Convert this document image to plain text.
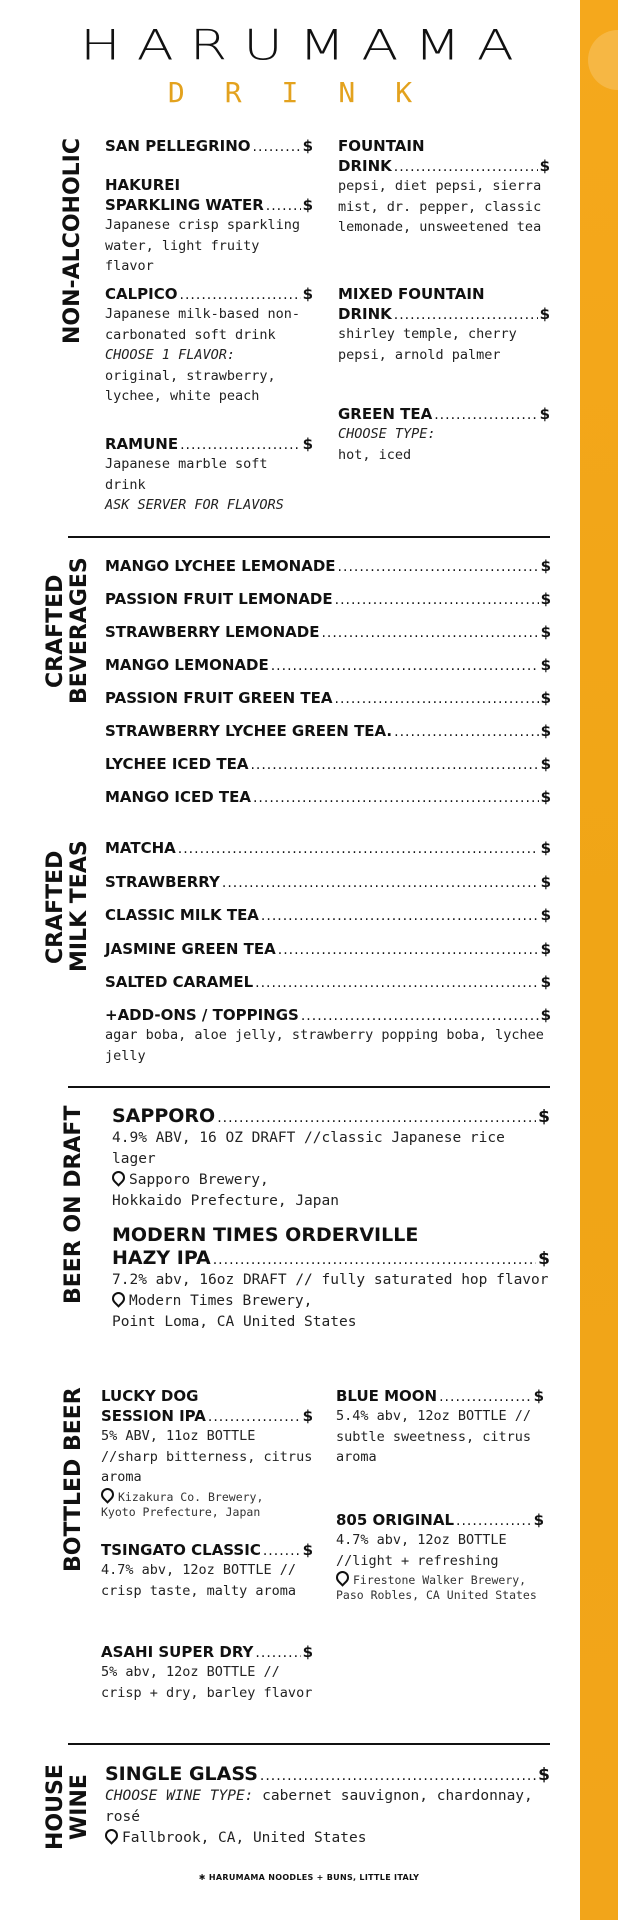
HARUMAMA
DRINK
NON-ALCOHOLIC SAN PELLEGRINO .....	$
HAKUREI
SPARKLING WATER .....	$
Japanese crisp sparkling water, light fruity flavor
CALPICO .....	$
Japanese milk-based non-carbonated soft drink CHOOSE 1 FLAVOR: original, strawberry, lychee, white peach
RAMUNE .....	$
Japanese marble soft drink
ASK SERVER FOR FLAVORS
FOUNTAIN
DRINK .....	$
pepsi, diet pepsi, sierra mist, dr. pepper, classic lemonade, unsweetened tea
MIXED FOUNTAIN
DRINK .....	$
shirley temple, cherry pepsi, arnold palmer
GREEN TEA .....	$
CHOOSE TYPE:
hot, iced
CRAFTED
BEVERAGES MANGO LYCHEE LEMONADE .....	$
PASSION FRUIT LEMONADE .....	$
STRAWBERRY LEMONADE .....	$
MANGO LEMONADE .....	$
PASSION FRUIT GREEN TEA .....	$
STRAWBERRY LYCHEE GREEN TEA. .....	$
LYCHEE ICED TEA .....	$
MANGO ICED TEA .....	$
CRAFTED
MILK TEAS MATCHA .....	$
STRAWBERRY .....	$
CLASSIC MILK TEA .....	$
JASMINE GREEN TEA .....	$
SALTED CARAMEL .....	$
+ADD-ONS / TOPPINGS .....	$
agar boba, aloe jelly, strawberry popping boba, lychee jelly
BEER ON DRAFT SAPPORO .....	$
4.9% ABV, 16 OZ DRAFT //classic Japanese rice lager
Sapporo Brewery,
Hokkaido Prefecture, Japan
MODERN TIMES ORDERVILLE
HAZY IPA .....	$
7.2% abv, 16oz DRAFT // fully saturated hop flavor
Modern Times Brewery,
Point Loma, CA United States
BOTTLED BEER LUCKY DOG
SESSION IPA .....	$
5% ABV, 11oz BOTTLE //sharp bitterness, citrus aroma
Kizakura Co. Brewery,
Kyoto Prefecture, Japan
TSINGATO CLASSIC .....	$
4.7% abv, 12oz BOTTLE // crisp taste, malty aroma
ASAHI SUPER DRY .....	$
5% abv, 12oz BOTTLE // crisp + dry, barley flavor
BLUE MOON .....	$
5.4% abv, 12oz BOTTLE // subtle sweetness, citrus aroma
805 ORIGINAL .....	$
4.7% abv, 12oz BOTTLE //light + refreshing
Firestone Walker Brewery,
Paso Robles, CA United States
HOUSE
WINE
SINGLE GLASS .....	$
CHOOSE WINE TYPE: cabernet sauvignon, chardonnay, rosé
Fallbrook, CA, United States
✱ HARUMAMA NOODLES + BUNS, LITTLE ITALY
